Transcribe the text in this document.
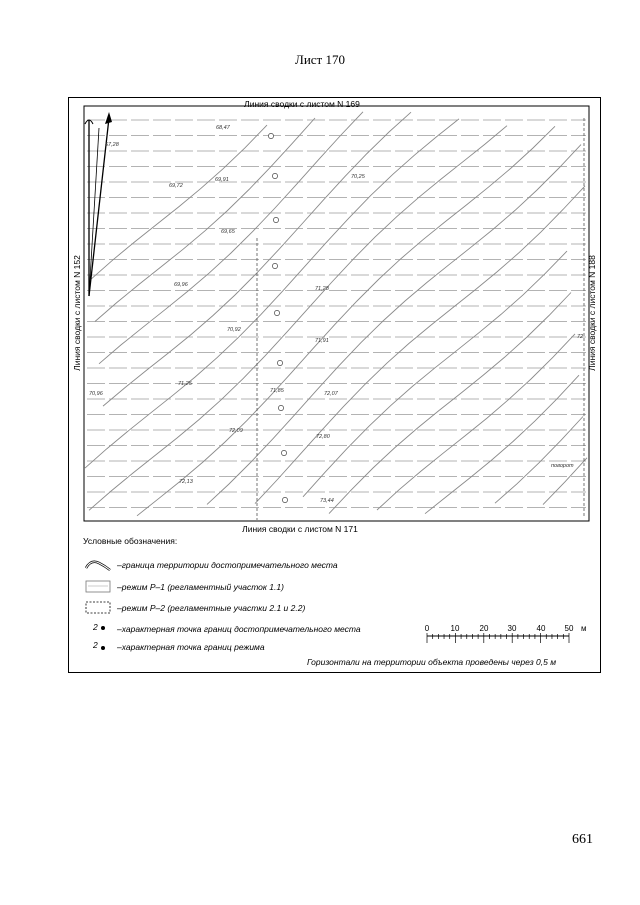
Лист 170
Линия сводки с листом N 169
Линия сводки с листом N 171
Линия сводки с листом N 152	Линия сводки с листом N 188
67,28
68,47
69,72
69,91	70,25
69,65
69,96
71,28
70,92
71,91
71,25
70,96	71,85	72,07
72,09
72,80
72,13
73,44
72
поворот
0	10	20 30	40 50 м
Условные обозначения:
–граница территории достопримечательного места
–режим Р–1 (регламентный участок 1.1)
–режим Р–2 (регламентные участки 2.1 и 2.2)
2 –характерная точка границ достопримечательного места
2 –характерная точка границ режима
Горизонтали на территории объекта проведены через 0,5 м
661
